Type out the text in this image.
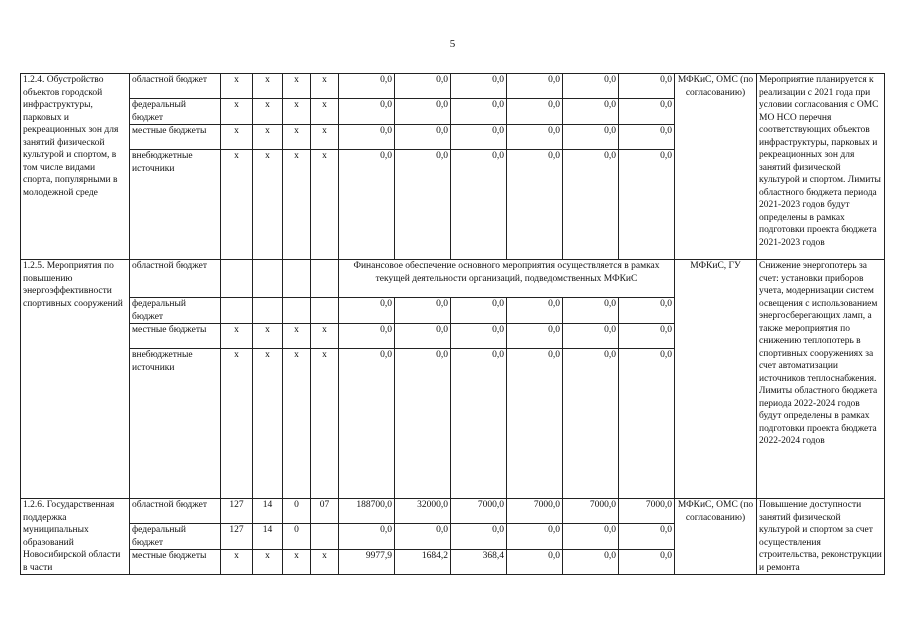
5
1.2.4. Обустройство объектов городской инфраструктуры, парковых и рекреационных зон для занятий физической культурой и спортом, в том числе видами спорта, популярными в молодежной среде	областной бюджет	х	х	х	х	0,0	0,0	0,0	0,0	0,0	0,0	МФКиС, ОМС (по согласованию)	Мероприятие планируется к реализации с 2021 года при условии согласования с ОМС МО НСО перечня соответствующих объектов инфраструктуры, парковых и рекреационных зон для занятий физической культурой и спортом. Лимиты областного бюджета периода 2021-2023 годов будут определены в рамках подготовки проекта бюджета 2021-2023 годов
	федеральный бюджет	х	х	х	х	0,0	0,0	0,0	0,0	0,0	0,0		
	местные бюджеты	х	х	х	х	0,0	0,0	0,0	0,0	0,0	0,0		
	внебюджетные источники	х	х	х	х	0,0	0,0	0,0	0,0	0,0	0,0		
1.2.5. Мероприятия по повышению энергоэффективности спортивных сооружений	областной бюджет					Финансовое обеспечение основного мероприятия осуществляется в рамках текущей деятельности организаций, подведомственных МФКиС						МФКиС, ГУ	Снижение энергопотерь за счет: установки приборов учета, модернизации систем освещения с использованием энергосберегающих ламп, а также мероприятия по снижению теплопотерь в спортивных сооружениях за счет автоматизации источников теплоснабжения. Лимиты областного бюджета периода 2022-2024 годов будут определены в рамках подготовки проекта бюджета 2022-2024 годов
	федеральный бюджет					0,0	0,0	0,0	0,0	0,0	0,0		
	местные бюджеты	х	х	х	х	0,0	0,0	0,0	0,0	0,0	0,0		
	внебюджетные источники	х	х	х	х	0,0	0,0	0,0	0,0	0,0	0,0		
1.2.6. Государственная поддержка муниципальных образований Новосибирской области в части	областной бюджет	127	14	0	07	188700,0	32000,0	7000,0	7000,0	7000,0	7000,0	МФКиС, ОМС (по согласованию)	Повышение доступности занятий физической культурой и спортом за счет осуществления строительства, реконструкции и ремонта
	федеральный бюджет	127	14	0		0,0	0,0	0,0	0,0	0,0	0,0		
	местные бюджеты	х	х	х	х	9977,9	1684,2	368,4	0,0	0,0	0,0		
